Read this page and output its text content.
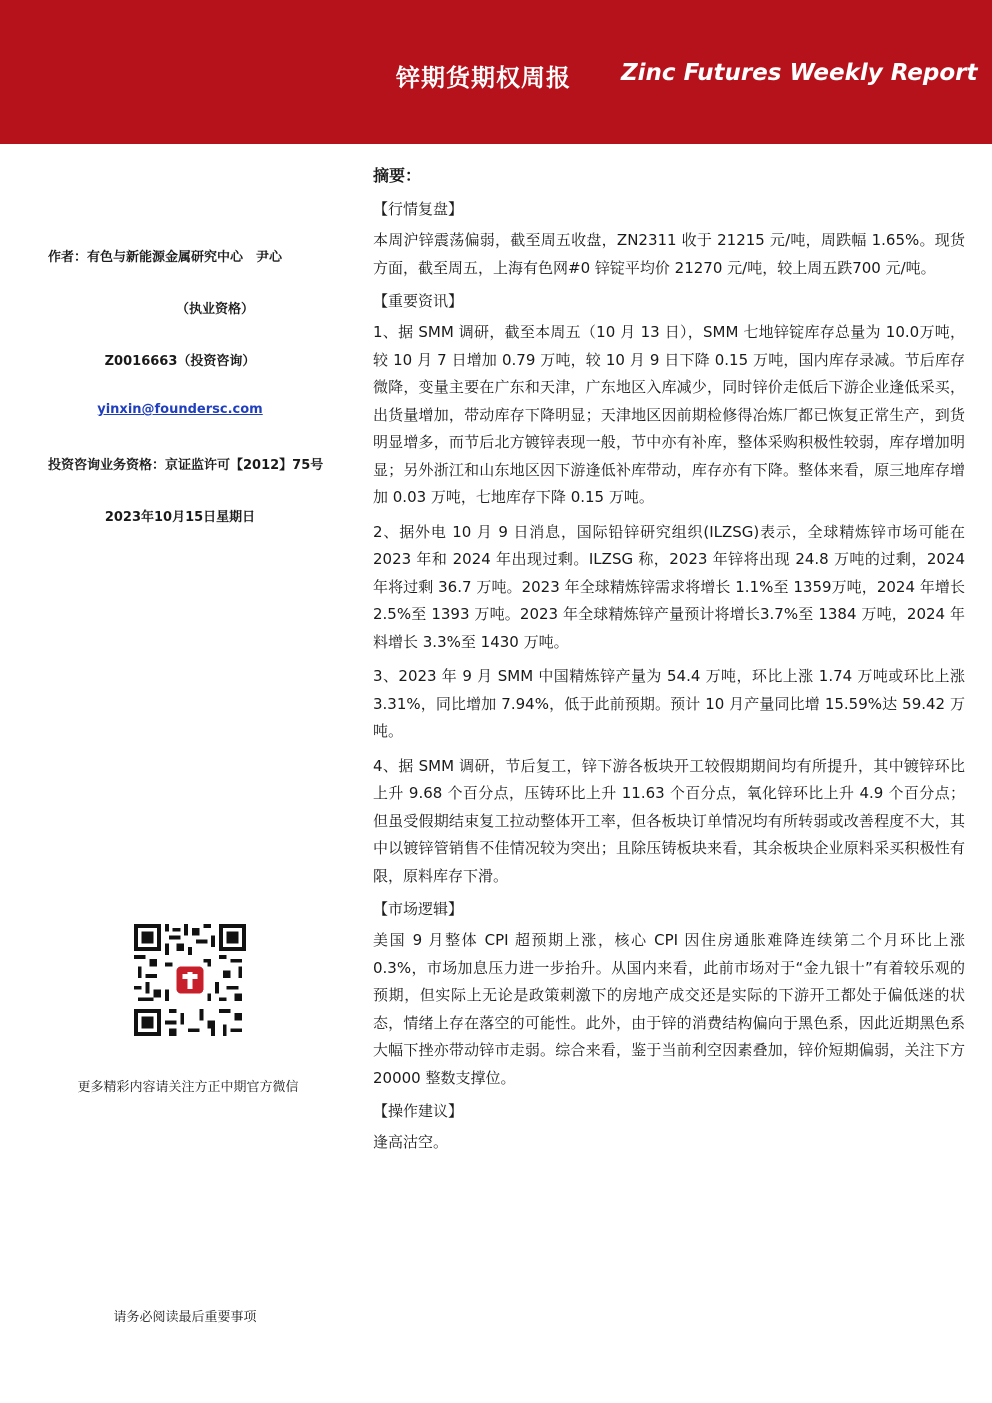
锌期货期权周报 Zinc Futures Weekly Report
作者：有色与新能源金属研究中心　尹心
（执业资格）
Z0016663（投资咨询）
yinxin@foundersc.com
投资咨询业务资格：京证监许可【2012】75号
2023年10月15日星期日
更多精彩内容请关注方正中期官方微信
请务必阅读最后重要事项
摘要：
【行情复盘】

本周沪锌震荡偏弱，截至周五收盘，ZN2311 收于 21215 元/吨，周跌幅 1.65%。现货方面，截至周五，上海有色网#0 锌锭平均价 21270 元/吨，较上周五跌700 元/吨。

【重要资讯】

1、据 SMM 调研，截至本周五（10 月 13 日），SMM 七地锌锭库存总量为 10.0万吨，较 10 月 7 日增加 0.79 万吨，较 10 月 9 日下降 0.15 万吨，国内库存录减。节后库存微降，变量主要在广东和天津，广东地区入库减少，同时锌价走低后下游企业逢低采买，出货量增加，带动库存下降明显；天津地区因前期检修得冶炼厂都已恢复正常生产，到货明显增多，而节后北方镀锌表现一般，节中亦有补库，整体采购积极性较弱，库存增加明显；另外浙江和山东地区因下游逢低补库带动，库存亦有下降。整体来看，原三地库存增加 0.03 万吨，七地库存下降 0.15 万吨。

2、据外电 10 月 9 日消息，国际铅锌研究组织(ILZSG)表示，全球精炼锌市场可能在 2023 年和 2024 年出现过剩。ILZSG 称，2023 年锌将出现 24.8 万吨的过剩，2024 年将过剩 36.7 万吨。2023 年全球精炼锌需求将增长 1.1%至 1359万吨，2024 年增长 2.5%至 1393 万吨。2023 年全球精炼锌产量预计将增长3.7%至 1384 万吨，2024 年料增长 3.3%至 1430 万吨。

3、2023 年 9 月 SMM 中国精炼锌产量为 54.4 万吨，环比上涨 1.74 万吨或环比上涨 3.31%，同比增加 7.94%，低于此前预期。预计 10 月产量同比增 15.59%达 59.42 万吨。

4、据 SMM 调研，节后复工，锌下游各板块开工较假期期间均有所提升，其中镀锌环比上升 9.68 个百分点，压铸环比上升 11.63 个百分点，氧化锌环比上升 4.9 个百分点；但虽受假期结束复工拉动整体开工率，但各板块订单情况均有所转弱或改善程度不大，其中以镀锌管销售不佳情况较为突出；且除压铸板块来看，其余板块企业原料采买积极性有限，原料库存下滑。

【市场逻辑】

美国 9 月整体 CPI 超预期上涨，核心 CPI 因住房通胀难降连续第二个月环比上涨 0.3%，市场加息压力进一步抬升。从国内来看，此前市场对于“金九银十”有着较乐观的预期，但实际上无论是政策刺激下的房地产成交还是实际的下游开工都处于偏低迷的状态，情绪上存在落空的可能性。此外，由于锌的消费结构偏向于黑色系，因此近期黑色系大幅下挫亦带动锌市走弱。综合来看，鉴于当前利空因素叠加，锌价短期偏弱，关注下方 20000 整数支撑位。

【操作建议】

逢高沽空。
